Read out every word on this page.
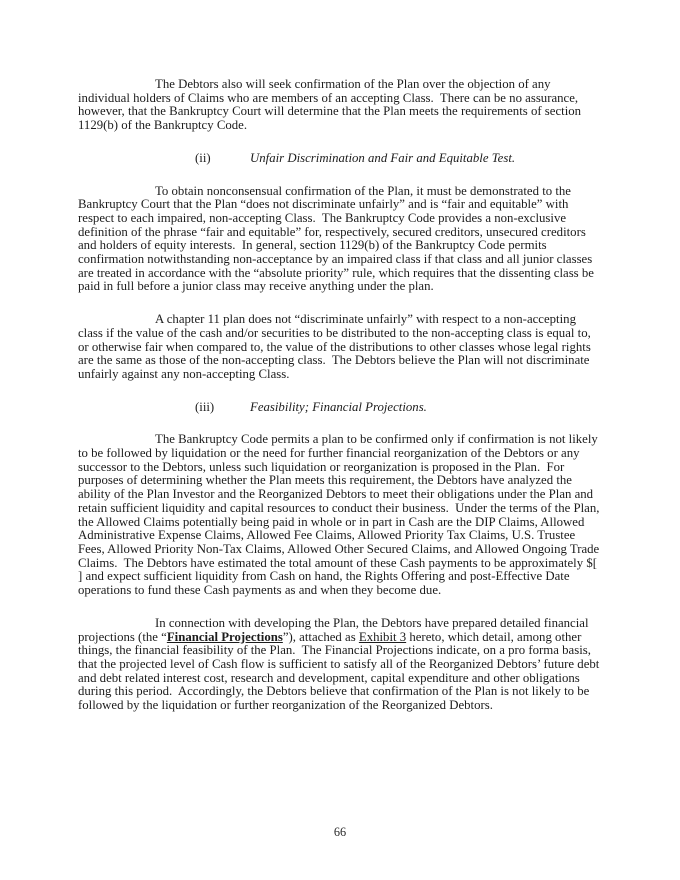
The Debtors also will seek confirmation of the Plan over the objection of any individual holders of Claims who are members of an accepting Class.  There can be no assurance, however, that the Bankruptcy Court will determine that the Plan meets the requirements of section 1129(b) of the Bankruptcy Code.

(ii)	Unfair Discrimination and Fair and Equitable Test.

To obtain nonconsensual confirmation of the Plan, it must be demonstrated to the Bankruptcy Court that the Plan “does not discriminate unfairly” and is “fair and equitable” with respect to each impaired, non-accepting Class.  The Bankruptcy Code provides a non-exclusive definition of the phrase “fair and equitable” for, respectively, secured creditors, unsecured creditors and holders of equity interests.  In general, section 1129(b) of the Bankruptcy Code permits confirmation notwithstanding non-acceptance by an impaired class if that class and all junior classes are treated in accordance with the “absolute priority” rule, which requires that the dissenting class be paid in full before a junior class may receive anything under the plan.

A chapter 11 plan does not “discriminate unfairly” with respect to a non-accepting class if the value of the cash and/or securities to be distributed to the non-accepting class is equal to, or otherwise fair when compared to, the value of the distributions to other classes whose legal rights are the same as those of the non-accepting class.  The Debtors believe the Plan will not discriminate unfairly against any non-accepting Class.

(iii)	Feasibility; Financial Projections.

The Bankruptcy Code permits a plan to be confirmed only if confirmation is not likely to be followed by liquidation or the need for further financial reorganization of the Debtors or any successor to the Debtors, unless such liquidation or reorganization is proposed in the Plan.  For purposes of determining whether the Plan meets this requirement, the Debtors have analyzed the ability of the Plan Investor and the Reorganized Debtors to meet their obligations under the Plan and retain sufficient liquidity and capital resources to conduct their business.  Under the terms of the Plan, the Allowed Claims potentially being paid in whole or in part in Cash are the DIP Claims, Allowed Administrative Expense Claims, Allowed Fee Claims, Allowed Priority Tax Claims, U.S. Trustee Fees, Allowed Priority Non-Tax Claims, Allowed Other Secured Claims, and Allowed Ongoing Trade Claims.  The Debtors have estimated the total amount of these Cash payments to be approximately $[   ] and expect sufficient liquidity from Cash on hand, the Rights Offering and post-Effective Date operations to fund these Cash payments as and when they become due.

In connection with developing the Plan, the Debtors have prepared detailed financial projections (the “Financial Projections”), attached as Exhibit 3 hereto, which detail, among other things, the financial feasibility of the Plan.  The Financial Projections indicate, on a pro forma basis, that the projected level of Cash flow is sufficient to satisfy all of the Reorganized Debtors’ future debt and debt related interest cost, research and development, capital expenditure and other obligations during this period.  Accordingly, the Debtors believe that confirmation of the Plan is not likely to be followed by the liquidation or further reorganization of the Reorganized Debtors.

66
